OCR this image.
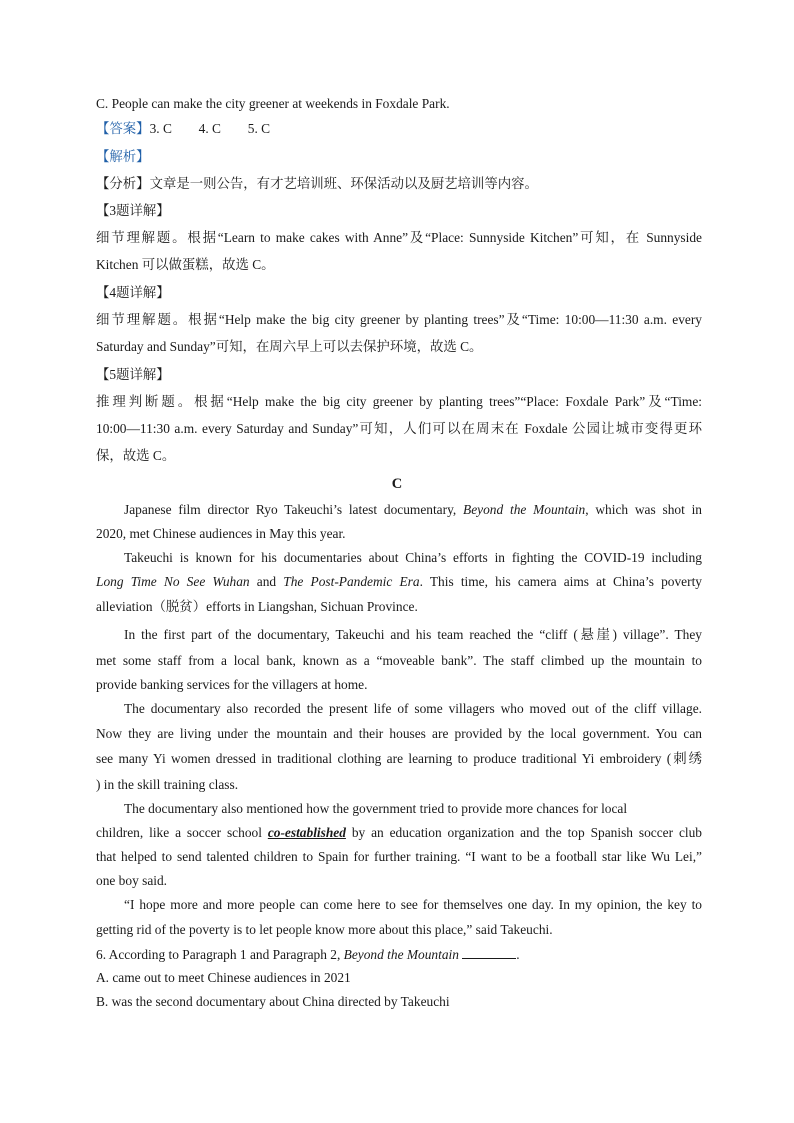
C. People can make the city greener at weekends in Foxdale Park.
【答案】3. C        4. C        5. C
【解析】
【分析】文章是一则公告，有才艺培训班、环保活动以及厨艺培训等内容。
【3题详解】
细节理解题。根据“Learn to make cakes with Anne”及“Place: Sunnyside Kitchen”可知，在 Sunnyside
Kitchen 可以做蛋糕，故选 C。
【4题详解】
细节理解题。根据“Help make the big city greener by planting trees”及“Time: 10:00—11:30 a.m. every
Saturday and Sunday”可知，在周六早上可以去保护环境，故选 C。
【5题详解】
推理判断题。根据“Help make the big city greener by planting trees”“Place: Foxdale Park”及“Time:
10:00—11:30 a.m. every Saturday and Sunday”可知，人们可以在周末在 Foxdale 公园让城市变得更环
保，故选 C。
C
Japanese film director Ryo Takeuchi’s latest documentary, Beyond the Mountain, which was shot in
2020, met Chinese audiences in May this year.
Takeuchi is known for his documentaries about China’s efforts in fighting the COVID-19 including
Long Time No See Wuhan and The Post-Pandemic Era. This time, his camera aims at China’s poverty
alleviation（脱贫）efforts in Liangshan, Sichuan Province.
In the first part of the documentary, Takeuchi and his team reached the “cliff (悬崖) village”. They
met some staff from a local bank, known as a “moveable bank”. The staff climbed up the mountain to
provide banking services for the villagers at home.
The documentary also recorded the present life of some villagers who moved out of the cliff village.
Now they are living under the mountain and their houses are provided by the local government. You can
see many Yi women dressed in traditional clothing are learning to produce traditional Yi embroidery (刺绣
) in the skill training class.
The documentary also mentioned how the government tried to provide more chances for local
children, like a soccer school co-established by an education organization and the top Spanish soccer club
that helped to send talented children to Spain for further training. “I want to be a football star like Wu Lei,”
one boy said.
“I hope more and more people can come here to see for themselves one day. In my opinion, the key to
getting rid of the poverty is to let people know more about this place,” said Takeuchi.
6. According to Paragraph 1 and Paragraph 2, Beyond the Mountain	.
A. came out to meet Chinese audiences in 2021
B. was the second documentary about China directed by Takeuchi
